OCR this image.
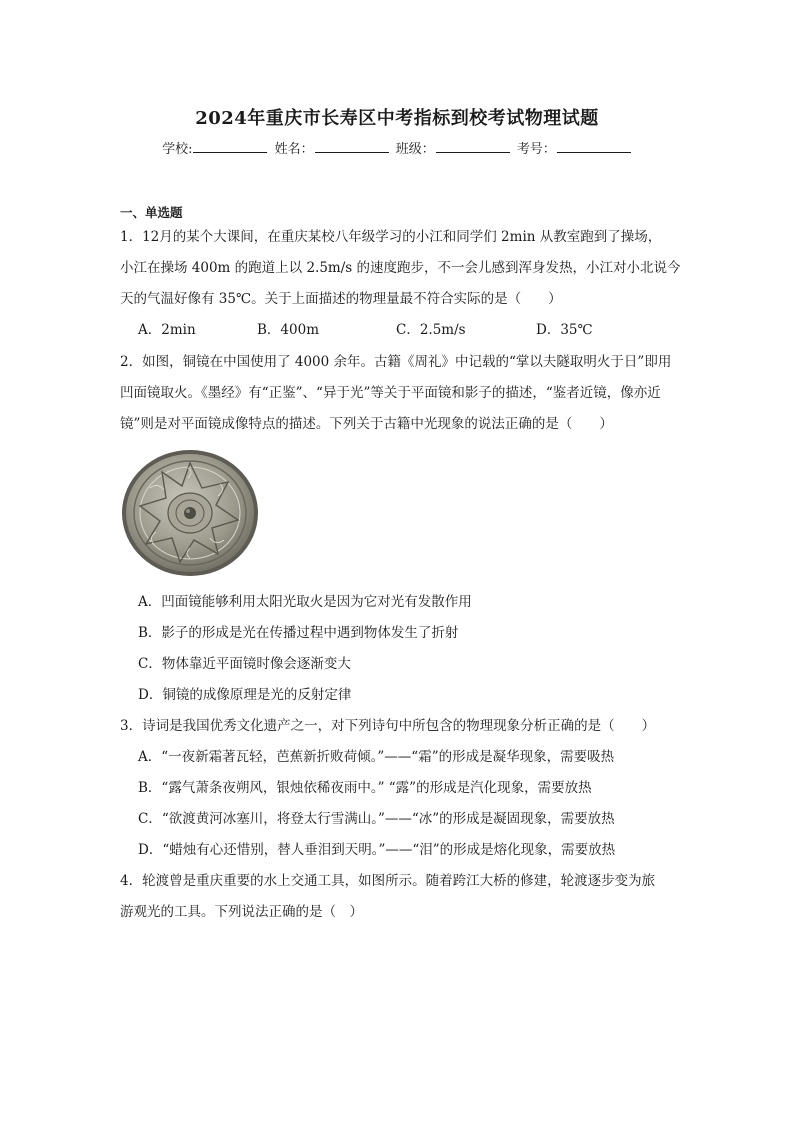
2024年重庆市长寿区中考指标到校考试物理试题
学校:	姓名：	班级：	考号：
一、单选题
1．12月的某个大课间，在重庆某校八年级学习的小江和同学们 2min 从教室跑到了操场，
小江在操场 400m 的跑道上以 2.5m/s 的速度跑步，不一会儿感到浑身发热，小江对小北说今
天的气温好像有 35℃。关于上面描述的物理量最不符合实际的是（　　）
A．2min	B．400m	C．2.5m/s	D．35℃
2．如图，铜镜在中国使用了 4000 余年。古籍《周礼》中记载的“掌以夫隧取明火于日”即用
凹面镜取火。《墨经》有“正鉴”、“异于光”等关于平面镜和影子的描述，“鉴者近镜，像亦近
镜”则是对平面镜成像特点的描述。下列关于古籍中光现象的说法正确的是（　　）
A．凹面镜能够利用太阳光取火是因为它对光有发散作用
B．影子的形成是光在传播过程中遇到物体发生了折射
C．物体靠近平面镜时像会逐渐变大
D．铜镜的成像原理是光的反射定律
3．诗词是我国优秀文化遗产之一，对下列诗句中所包含的物理现象分析正确的是（　　）
A．“一夜新霜著瓦轻，芭蕉新折败荷倾。”——“霜”的形成是凝华现象，需要吸热
B．“露气萧条夜朔风，银烛依稀夜雨中。” “露”的形成是汽化现象，需要放热
C．“欲渡黄河冰塞川，将登太行雪满山。”——“冰”的形成是凝固现象，需要放热
D．“蜡烛有心还惜别，替人垂泪到天明。”——“泪”的形成是熔化现象，需要放热
4．轮渡曾是重庆重要的水上交通工具，如图所示。随着跨江大桥的修建，轮渡逐步变为旅
游观光的工具。下列说法正确的是（　）
